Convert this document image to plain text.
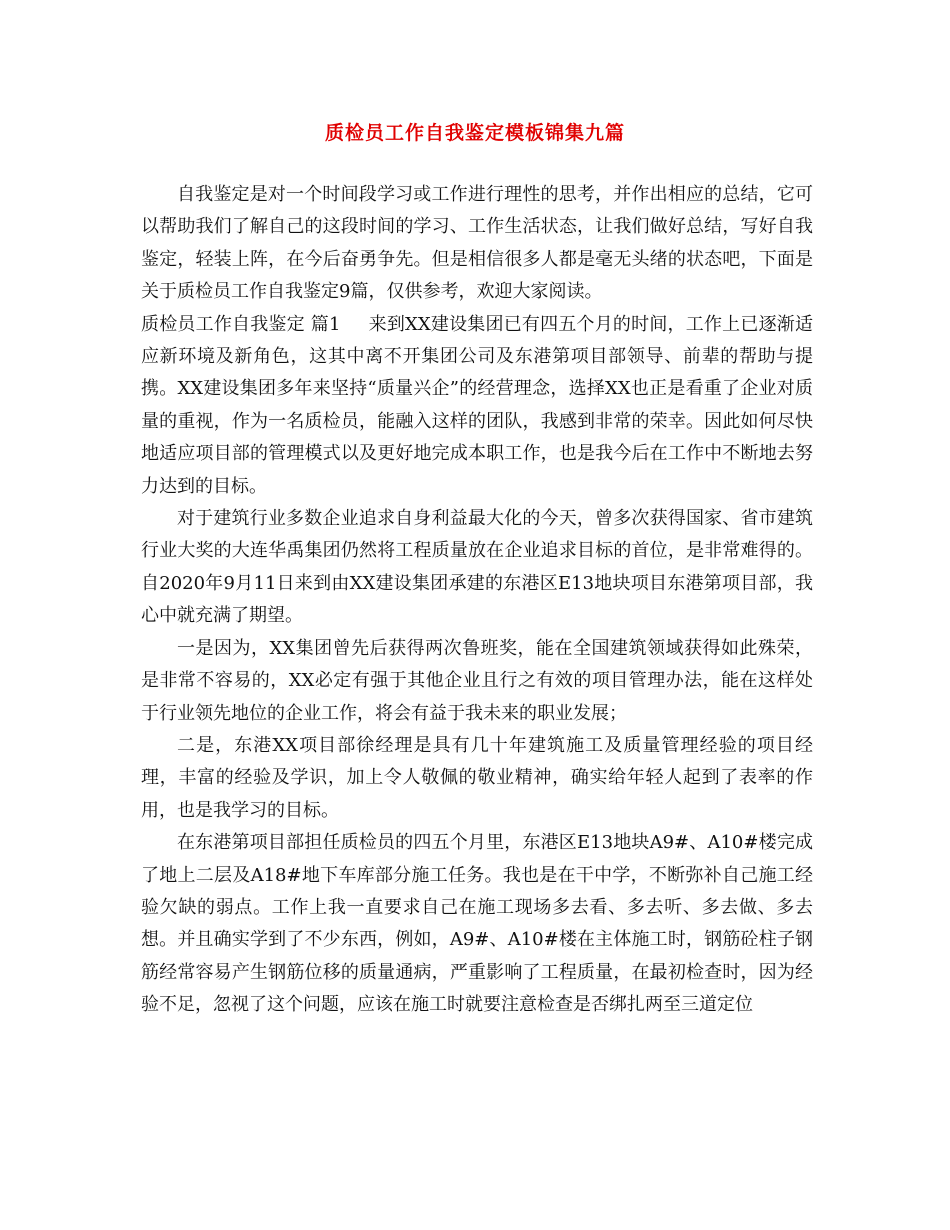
质检员工作自我鉴定模板锦集九篇

自我鉴定是对一个时间段学习或工作进行理性的思考，并作出相应的总结，它可以帮助我们了解自己的这段时间的学习、工作生活状态，让我们做好总结，写好自我鉴定，轻装上阵，在今后奋勇争先。但是相信很多人都是毫无头绪的状态吧，下面是关于质检员工作自我鉴定9篇，仅供参考，欢迎大家阅读。

质检员工作自我鉴定 篇1 来到XX建设集团已有四五个月的时间，工作上已逐渐适应新环境及新角色，这其中离不开集团公司及东港第项目部领导、前辈的帮助与提携。XX建设集团多年来坚持“质量兴企”的经营理念，选择XX也正是看重了企业对质量的重视，作为一名质检员，能融入这样的团队，我感到非常的荣幸。因此如何尽快地适应项目部的管理模式以及更好地完成本职工作，也是我今后在工作中不断地去努力达到的目标。

对于建筑行业多数企业追求自身利益最大化的今天，曾多次获得国家、省市建筑行业大奖的大连华禹集团仍然将工程质量放在企业追求目标的首位，是非常难得的。自2020年9月11日来到由XX建设集团承建的东港区E13地块项目东港第项目部，我心中就充满了期望。

一是因为，XX集团曾先后获得两次鲁班奖，能在全国建筑领域获得如此殊荣，是非常不容易的，XX必定有强于其他企业且行之有效的项目管理办法，能在这样处于行业领先地位的企业工作，将会有益于我未来的职业发展；

二是，东港XX项目部徐经理是具有几十年建筑施工及质量管理经验的项目经理，丰富的经验及学识，加上令人敬佩的敬业精神，确实给年轻人起到了表率的作用，也是我学习的目标。

在东港第项目部担任质检员的四五个月里，东港区E13地块A9#、A10#楼完成了地上二层及A18#地下车库部分施工任务。我也是在干中学，不断弥补自己施工经验欠缺的弱点。工作上我一直要求自己在施工现场多去看、多去听、多去做、多去想。并且确实学到了不少东西，例如，A9#、A10#楼在主体施工时，钢筋砼柱子钢筋经常容易产生钢筋位移的质量通病，严重影响了工程质量，在最初检查时，因为经验不足，忽视了这个问题，应该在施工时就要注意检查是否绑扎两至三道定位
